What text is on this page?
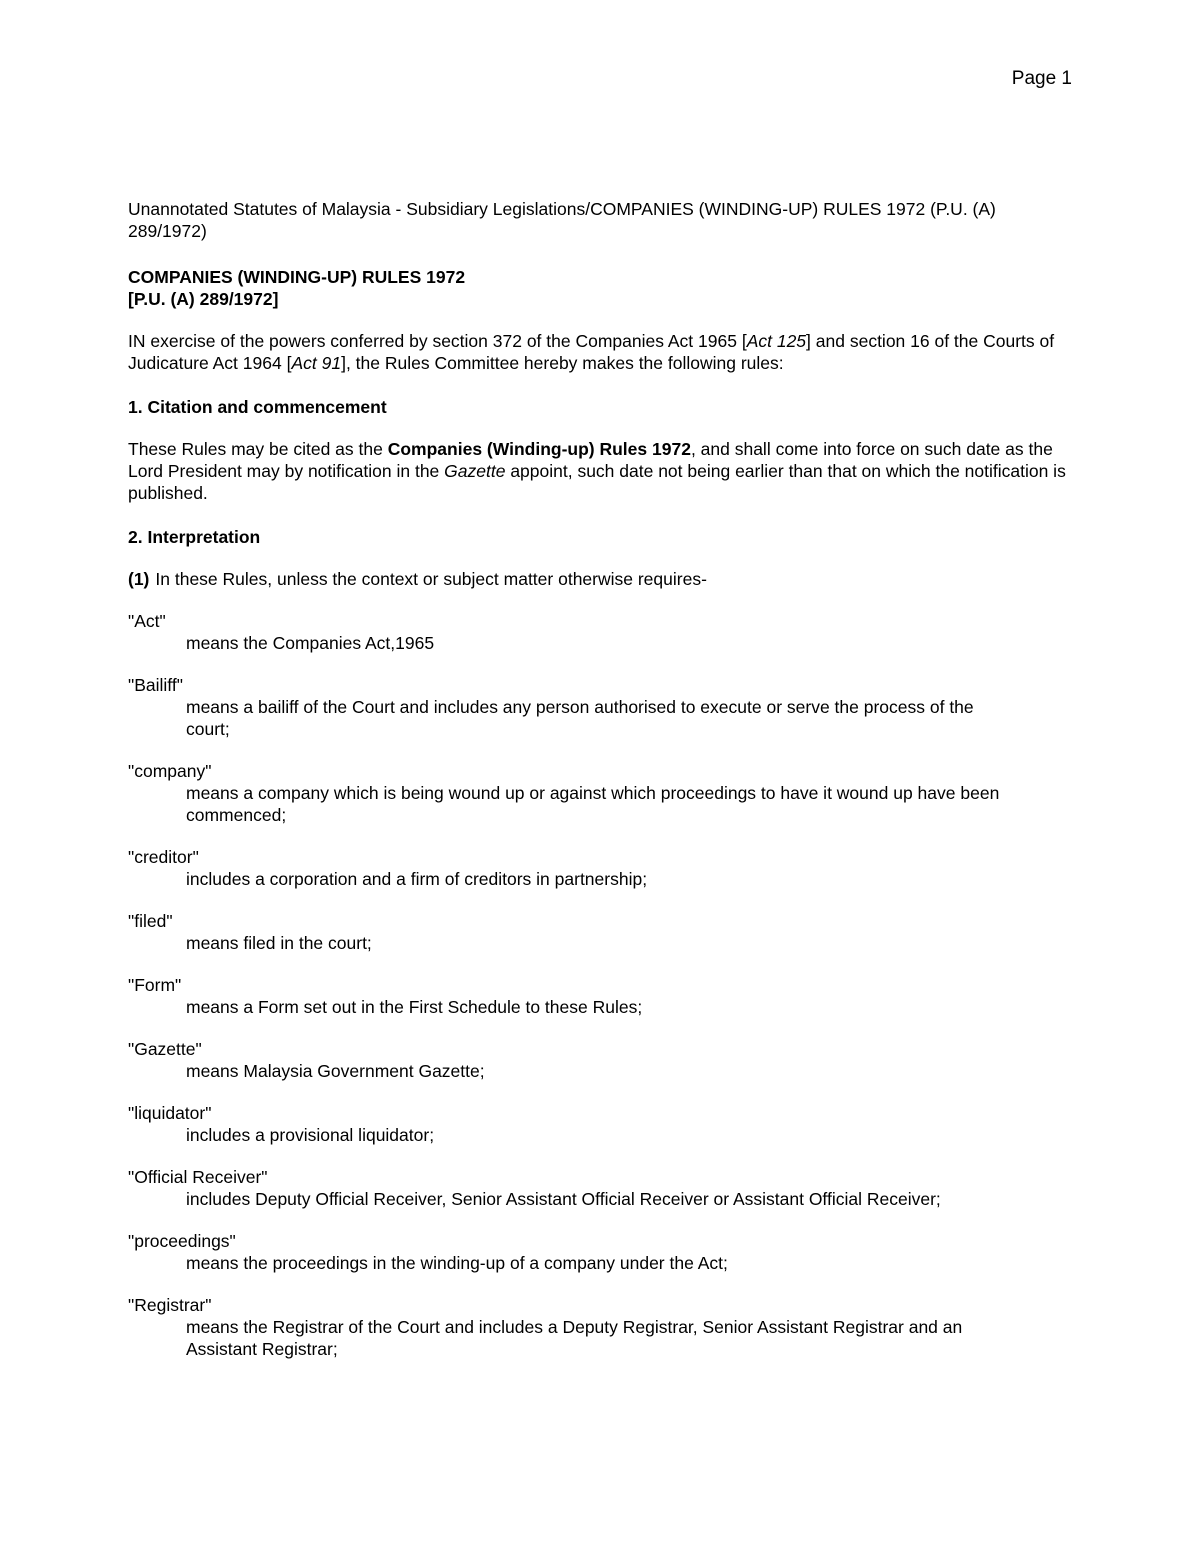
Page 1

Unannotated Statutes of Malaysia - Subsidiary Legislations/COMPANIES (WINDING-UP) RULES 1972 (P.U. (A) 289/1972)

COMPANIES (WINDING-UP) RULES 1972
[P.U. (A) 289/1972]

IN exercise of the powers conferred by section 372 of the Companies Act 1965 [Act 125] and section 16 of the Courts of Judicature Act 1964 [Act 91], the Rules Committee hereby makes the following rules:

1. Citation and commencement

These Rules may be cited as the Companies (Winding-up) Rules 1972, and shall come into force on such date as the Lord President may by notification in the Gazette appoint, such date not being earlier than that on which the notification is published.

2. Interpretation
(1) In these Rules, unless the context or subject matter otherwise requires-
"Act"
means the Companies Act,1965
"Bailiff"
means a bailiff of the Court and includes any person authorised to execute or serve the process of the court;
"company"
means a company which is being wound up or against which proceedings to have it wound up have been commenced;
"creditor"
includes a corporation and a firm of creditors in partnership;
"filed"
means filed in the court;
"Form"
means a Form set out in the First Schedule to these Rules;
"Gazette"
means Malaysia Government Gazette;
"liquidator"
includes a provisional liquidator;
"Official Receiver"
includes Deputy Official Receiver, Senior Assistant Official Receiver or Assistant Official Receiver;
"proceedings"
means the proceedings in the winding-up of a company under the Act;
"Registrar"
means the Registrar of the Court and includes a Deputy Registrar, Senior Assistant Registrar and an Assistant Registrar;
